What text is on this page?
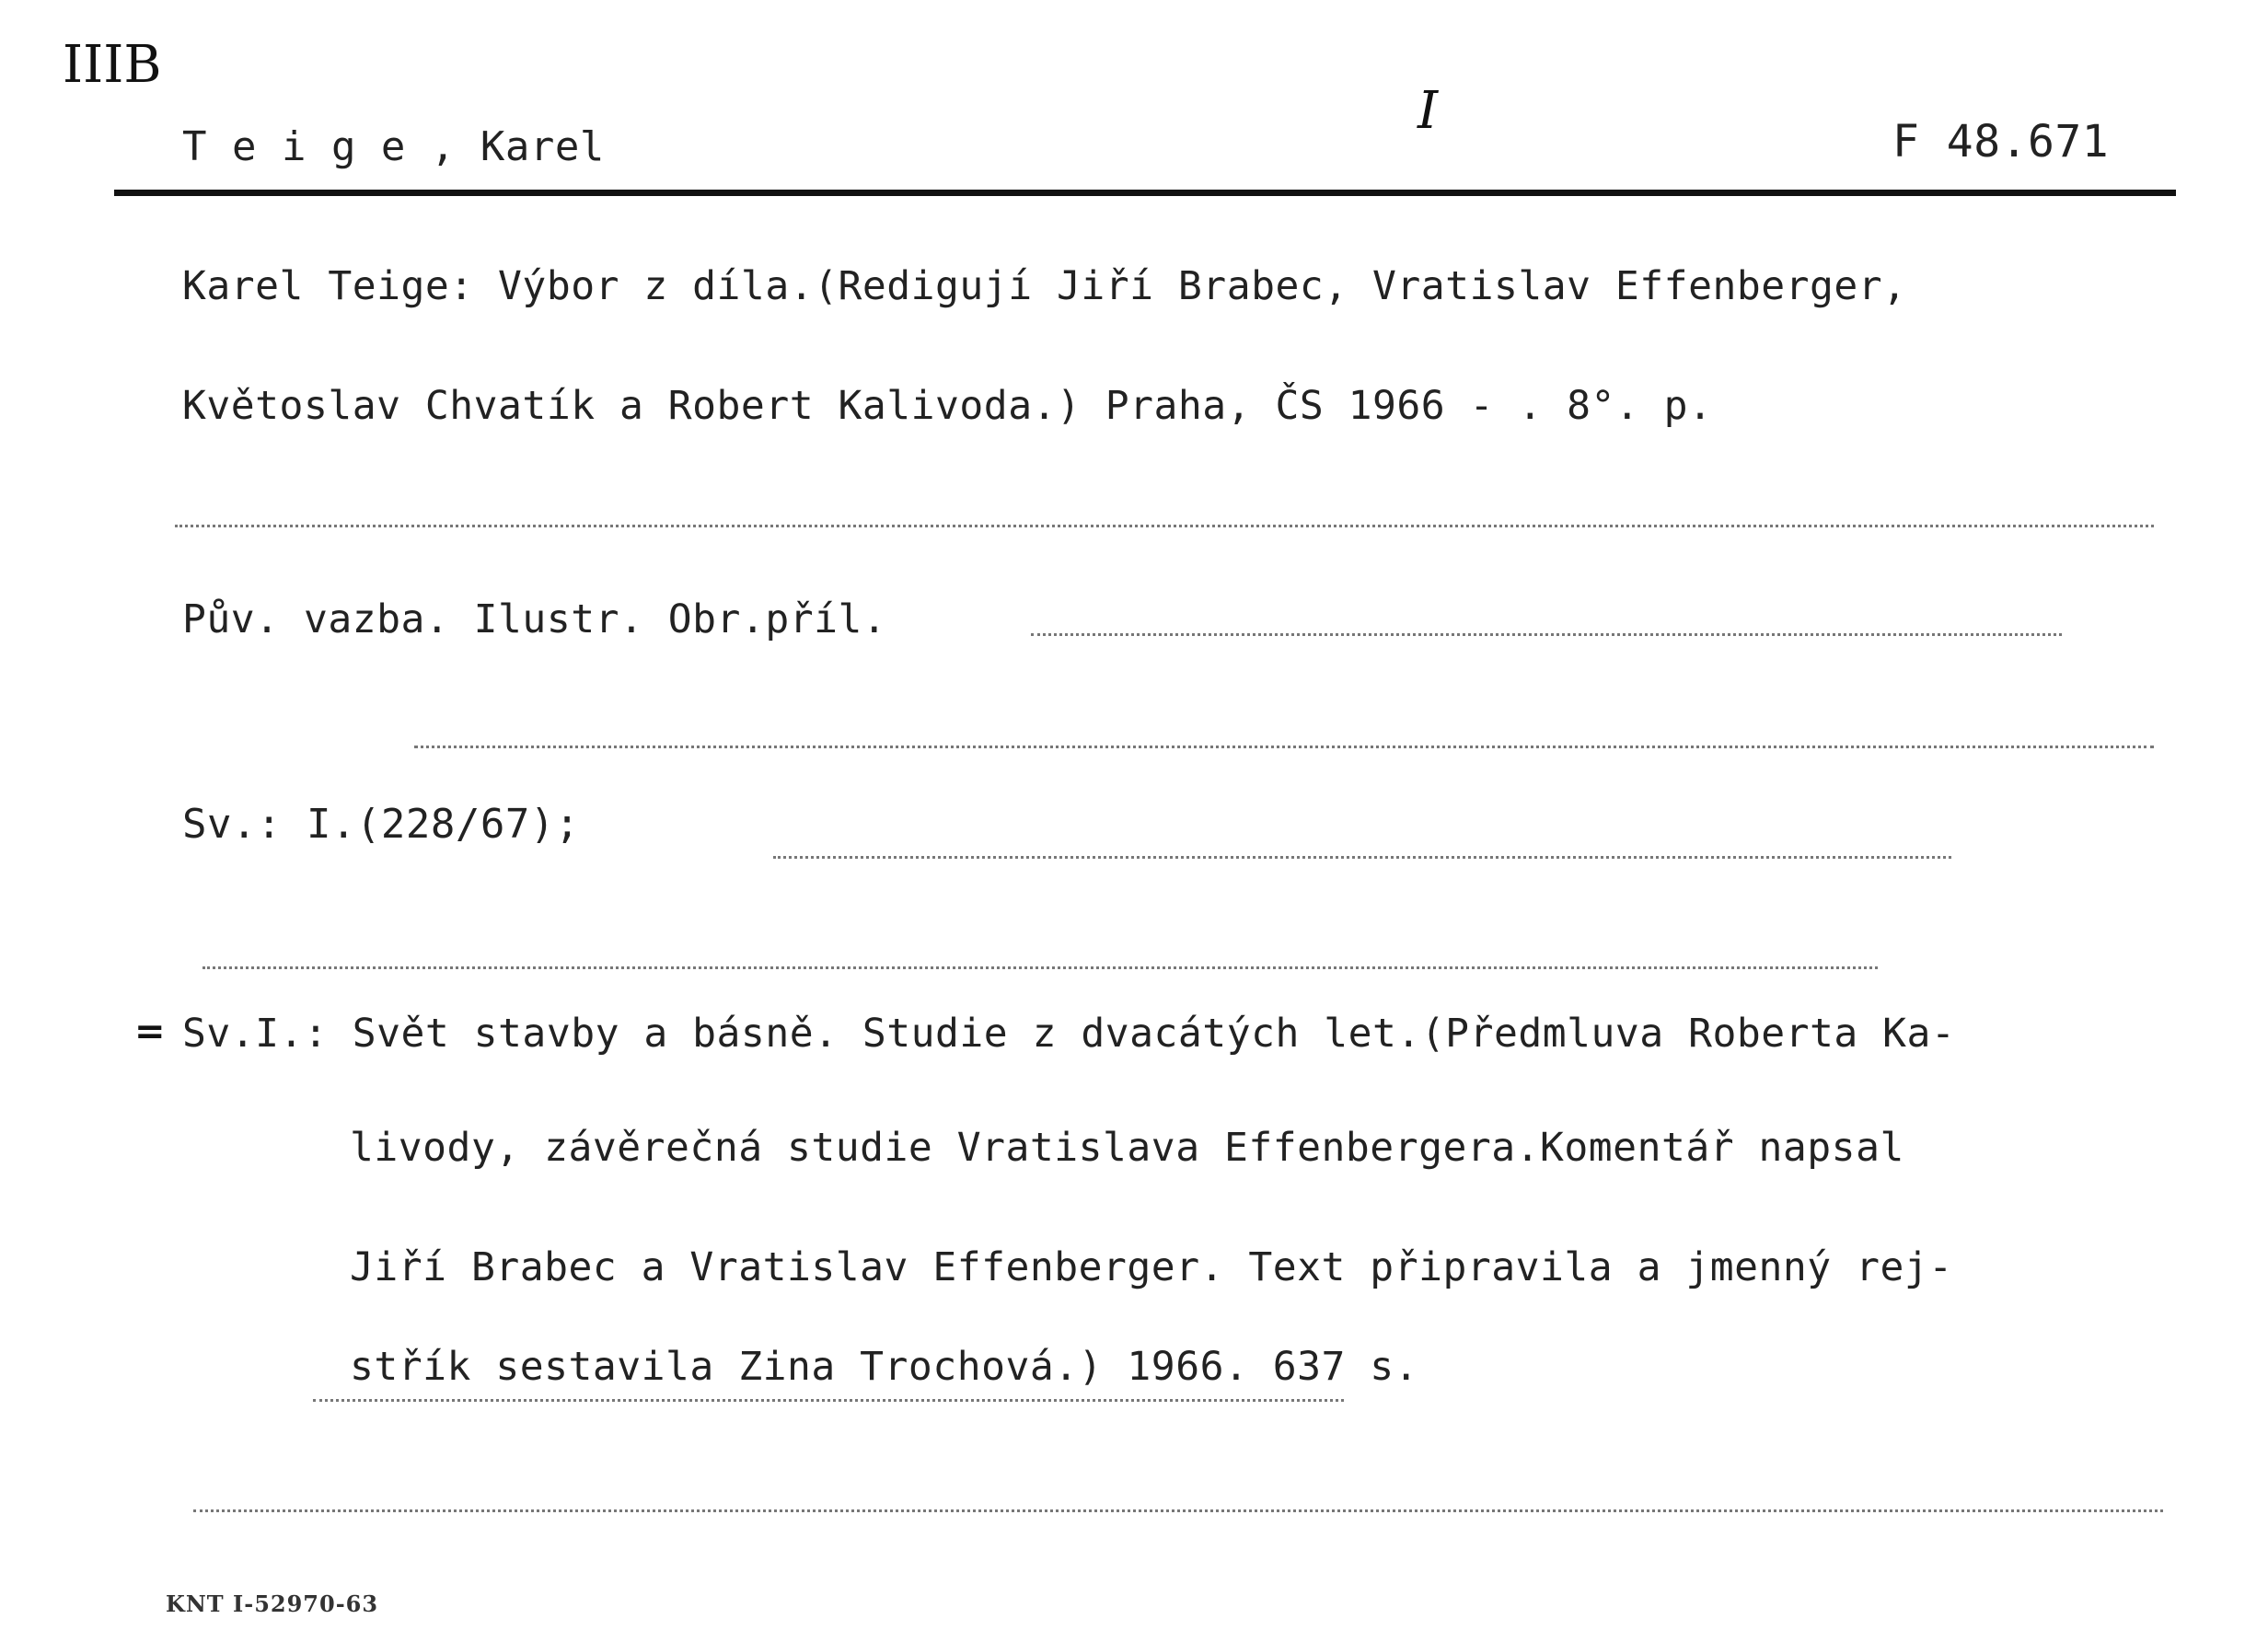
IIIB
I
T e i g e , Karel	F 48.671
Karel Teige: Výbor z díla.(Redigují Jiří Brabec, Vratislav Effenberger,
Květoslav Chvatík a Robert Kalivoda.) Praha, ČS 1966 - . 8°. p.
Pův. vazba. Ilustr. Obr.příl.
Sv.: I.(228/67);
= Sv.I.: Svět stavby a básně. Studie z dvacátých let.(Předmluva Roberta Ka-
livody, závěrečná studie Vratislava Effenbergera.Komentář napsal
Jiří Brabec a Vratislav Effenberger. Text připravila a jmenný rej-
střík sestavila Zina Trochová.) 1966. 637 s.
KNT I-52970-63
